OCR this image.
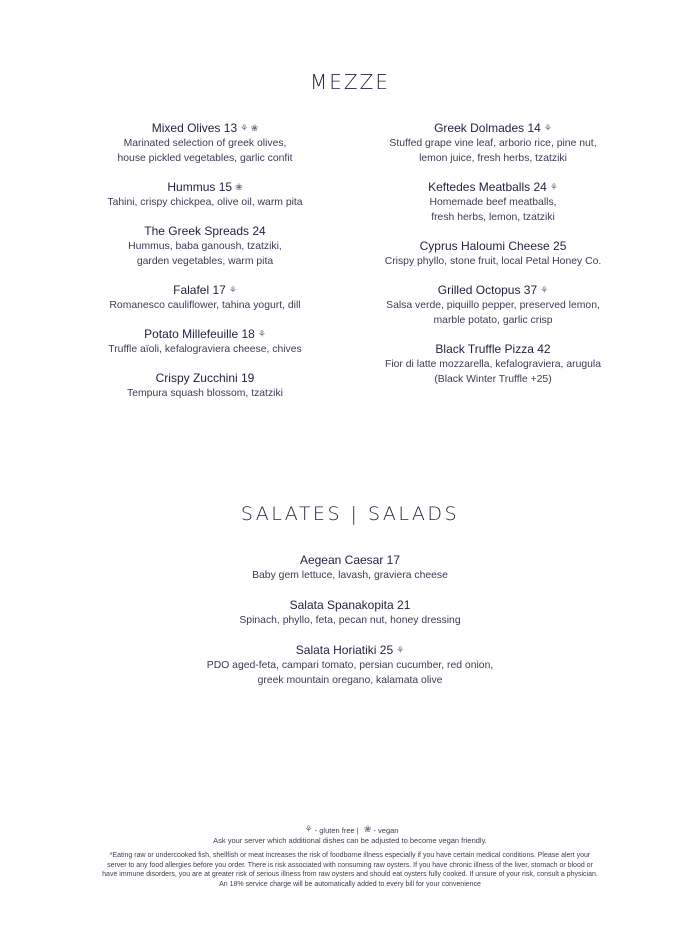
MEZZE
Mixed Olives 13 ⚘ ❀
Marinated selection of greek olives,
house pickled vegetables, garlic confit
Hummus 15 ❀
Tahini, crispy chickpea, olive oil, warm pita
The Greek Spreads 24
Hummus, baba ganoush, tzatziki,
garden vegetables, warm pita
Falafel 17 ⚘
Romanesco cauliflower, tahina yogurt, dill
Potato Millefeuille 18 ⚘
Truffle aïoli, kefalograviera cheese, chives
Crispy Zucchini 19
Tempura squash blossom, tzatziki
Greek Dolmades 14 ⚘
Stuffed grape vine leaf, arborio rice, pine nut,
lemon juice, fresh herbs, tzatziki
Keftedes Meatballs 24 ⚘
Homemade beef meatballs,
fresh herbs, lemon, tzatziki
Cyprus Haloumi Cheese 25
Crispy phyllo, stone fruit, local Petal Honey Co.
Grilled Octopus 37 ⚘
Salsa verde, piquillo pepper, preserved lemon,
marble potato, garlic crisp
Black Truffle Pizza 42
Fior di latte mozzarella, kefalograviera, arugula
(Black Winter Truffle +25)
SALATES | SALADS
Aegean Caesar 17
Baby gem lettuce, lavash, graviera cheese
Salata Spanakopita 21
Spinach, phyllo, feta, pecan nut, honey dressing
Salata Horiatiki 25 ⚘
PDO aged-feta, campari tomato, persian cucumber, red onion,
greek mountain oregano, kalamata olive
⚘ - gluten free | ❀ - vegan
Ask your server which additional dishes can be adjusted to become vegan friendly.
*Eating raw or undercooked fish, shellfish or meat increases the risk of foodborne illness especially if you have certain medical conditions. Please alert your server to any food allergies before you order. There is risk associated with consuming raw oysters. If you have chronic illness of the liver, stomach or blood or have immune disorders, you are at greater risk of serious illness from raw oysters and should eat oysters fully cooked. If unsure of your risk, consult a physician. An 18% service charge will be automatically added to every bill for your convenience
